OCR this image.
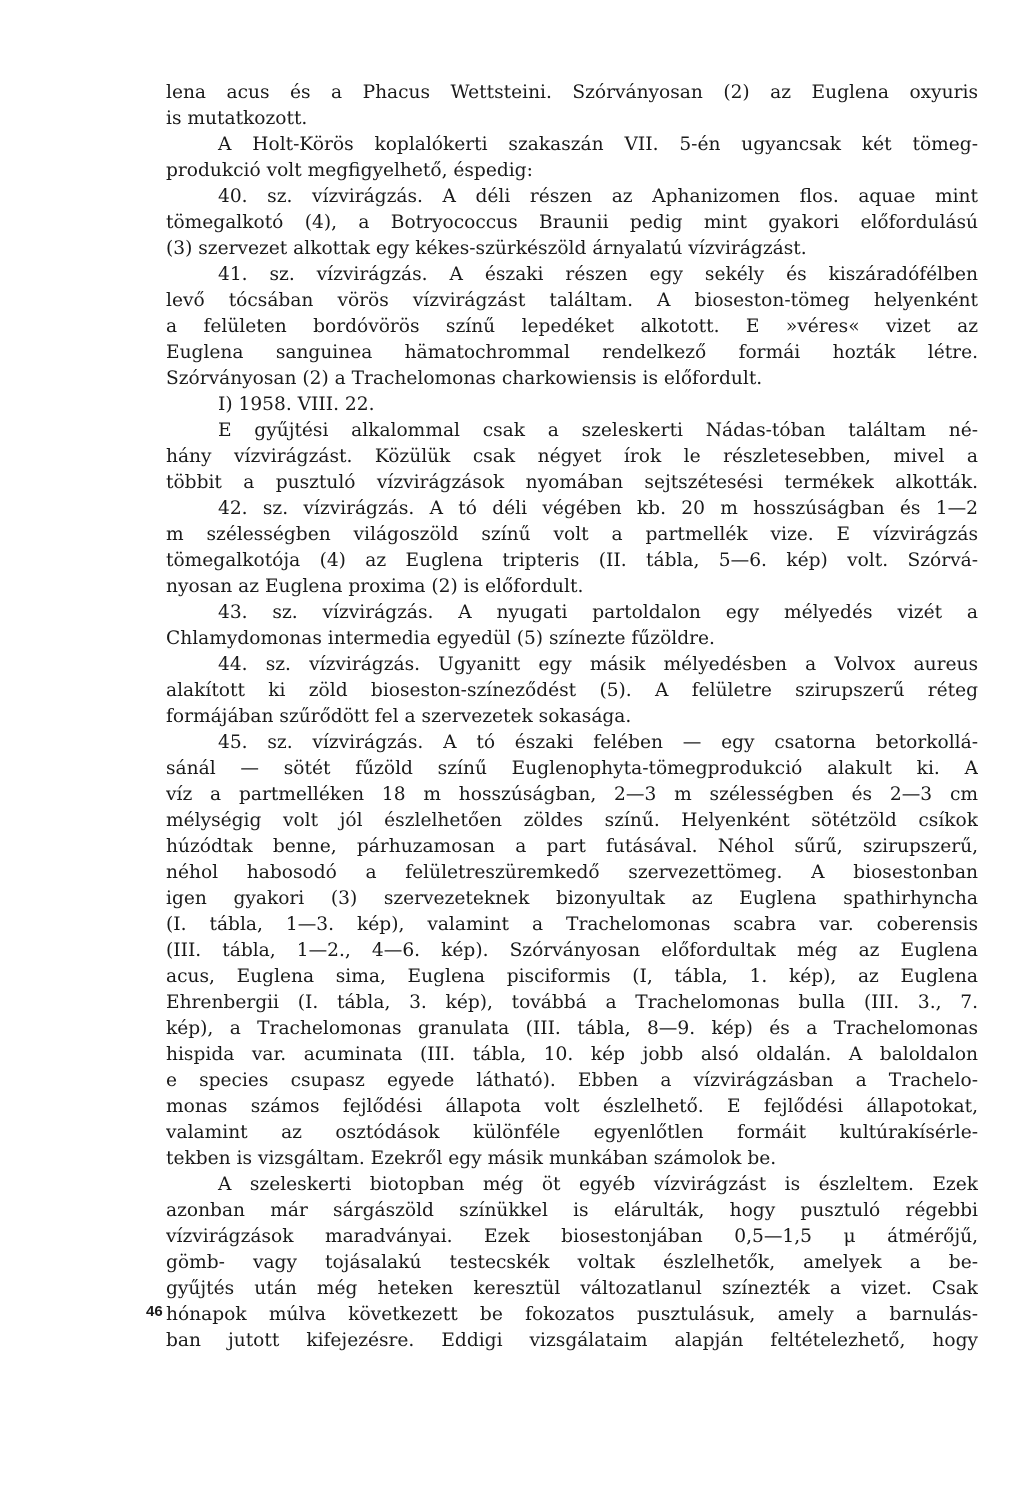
lena acus és a Phacus Wettsteini. Szórványosan (2) az Euglena oxyuris
is mutatkozott.
A Holt-Körös koplalókerti szakaszán VII. 5-én ugyancsak két tömeg-
produkció volt megfigyelhető, éspedig:
40. sz. vízvirágzás. A déli részen az Aphanizomen flos. aquae mint
tömegalkotó (4), a Botryococcus Braunii pedig mint gyakori előfordulású
(3) szervezet alkottak egy kékes-szürkészöld árnyalatú vízvirágzást.
41. sz. vízvirágzás. A északi részen egy sekély és kiszáradófélben
levő tócsában vörös vízvirágzást találtam. A bioseston-tömeg helyenként
a felületen bordóvörös színű lepedéket alkotott. E »véres« vizet az
Euglena sanguinea hämatochrommal rendelkező formái hozták létre.
Szórványosan (2) a Trachelomonas charkowiensis is előfordult.
I) 1958. VIII. 22.
E gyűjtési alkalommal csak a szeleskerti Nádas-tóban találtam né-
hány vízvirágzást. Közülük csak négyet írok le részletesebben, mivel a
többit a pusztuló vízvirágzások nyomában sejtszétesési termékek alkották.
42. sz. vízvirágzás. A tó déli végében kb. 20 m hosszúságban és 1—2
m szélességben világoszöld színű volt a partmellék vize. E vízvirágzás
tömegalkotója (4) az Euglena tripteris (II. tábla, 5—6. kép) volt. Szórvá-
nyosan az Euglena proxima (2) is előfordult.
43. sz. vízvirágzás. A nyugati partoldalon egy mélyedés vizét a
Chlamydomonas intermedia egyedül (5) színezte fűzöldre.
44. sz. vízvirágzás. Ugyanitt egy másik mélyedésben a Volvox aureus
alakított ki zöld bioseston-színeződést (5). A felületre szirupszerű réteg
formájában szűrődött fel a szervezetek sokasága.
45. sz. vízvirágzás. A tó északi felében — egy csatorna betorkollá-
sánál — sötét fűzöld színű Euglenophyta-tömegprodukció alakult ki. A
víz a partmelléken 18 m hosszúságban, 2—3 m szélességben és 2—3 cm
mélységig volt jól észlelhetően zöldes színű. Helyenként sötétzöld csíkok
húzódtak benne, párhuzamosan a part futásával. Néhol sűrű, szirupszerű,
néhol habosodó a felületreszüremkedő szervezettömeg. A biosestonban
igen gyakori (3) szervezeteknek bizonyultak az Euglena spathirhyncha
(I. tábla, 1—3. kép), valamint a Trachelomonas scabra var. coberensis
(III. tábla, 1—2., 4—6. kép). Szórványosan előfordultak még az Euglena
acus, Euglena sima, Euglena pisciformis (I, tábla, 1. kép), az Euglena
Ehrenbergii (I. tábla, 3. kép), továbbá a Trachelomonas bulla (III. 3., 7.
kép), a Trachelomonas granulata (III. tábla, 8—9. kép) és a Trachelomonas
hispida var. acuminata (III. tábla, 10. kép jobb alsó oldalán. A baloldalon
e species csupasz egyede látható). Ebben a vízvirágzásban a Trachelo-
monas számos fejlődési állapota volt észlelhető. E fejlődési állapotokat,
valamint az osztódások különféle egyenlőtlen formáit kultúrakísérle-
tekben is vizsgáltam. Ezekről egy másik munkában számolok be.
A szeleskerti biotopban még öt egyéb vízvirágzást is észleltem. Ezek
azonban már sárgászöld színükkel is elárulták, hogy pusztuló régebbi
vízvirágzások maradványai. Ezek biosestonjában 0,5—1,5 μ átmérőjű,
gömb- vagy tojásalakú testecskék voltak észlelhetők, amelyek a be-
gyűjtés után még heteken keresztül változatlanul színezték a vizet. Csak
hónapok múlva következett be fokozatos pusztulásuk, amely a barnulás-
ban jutott kifejezésre. Eddigi vizsgálataim alapján feltételezhető, hogy
46
